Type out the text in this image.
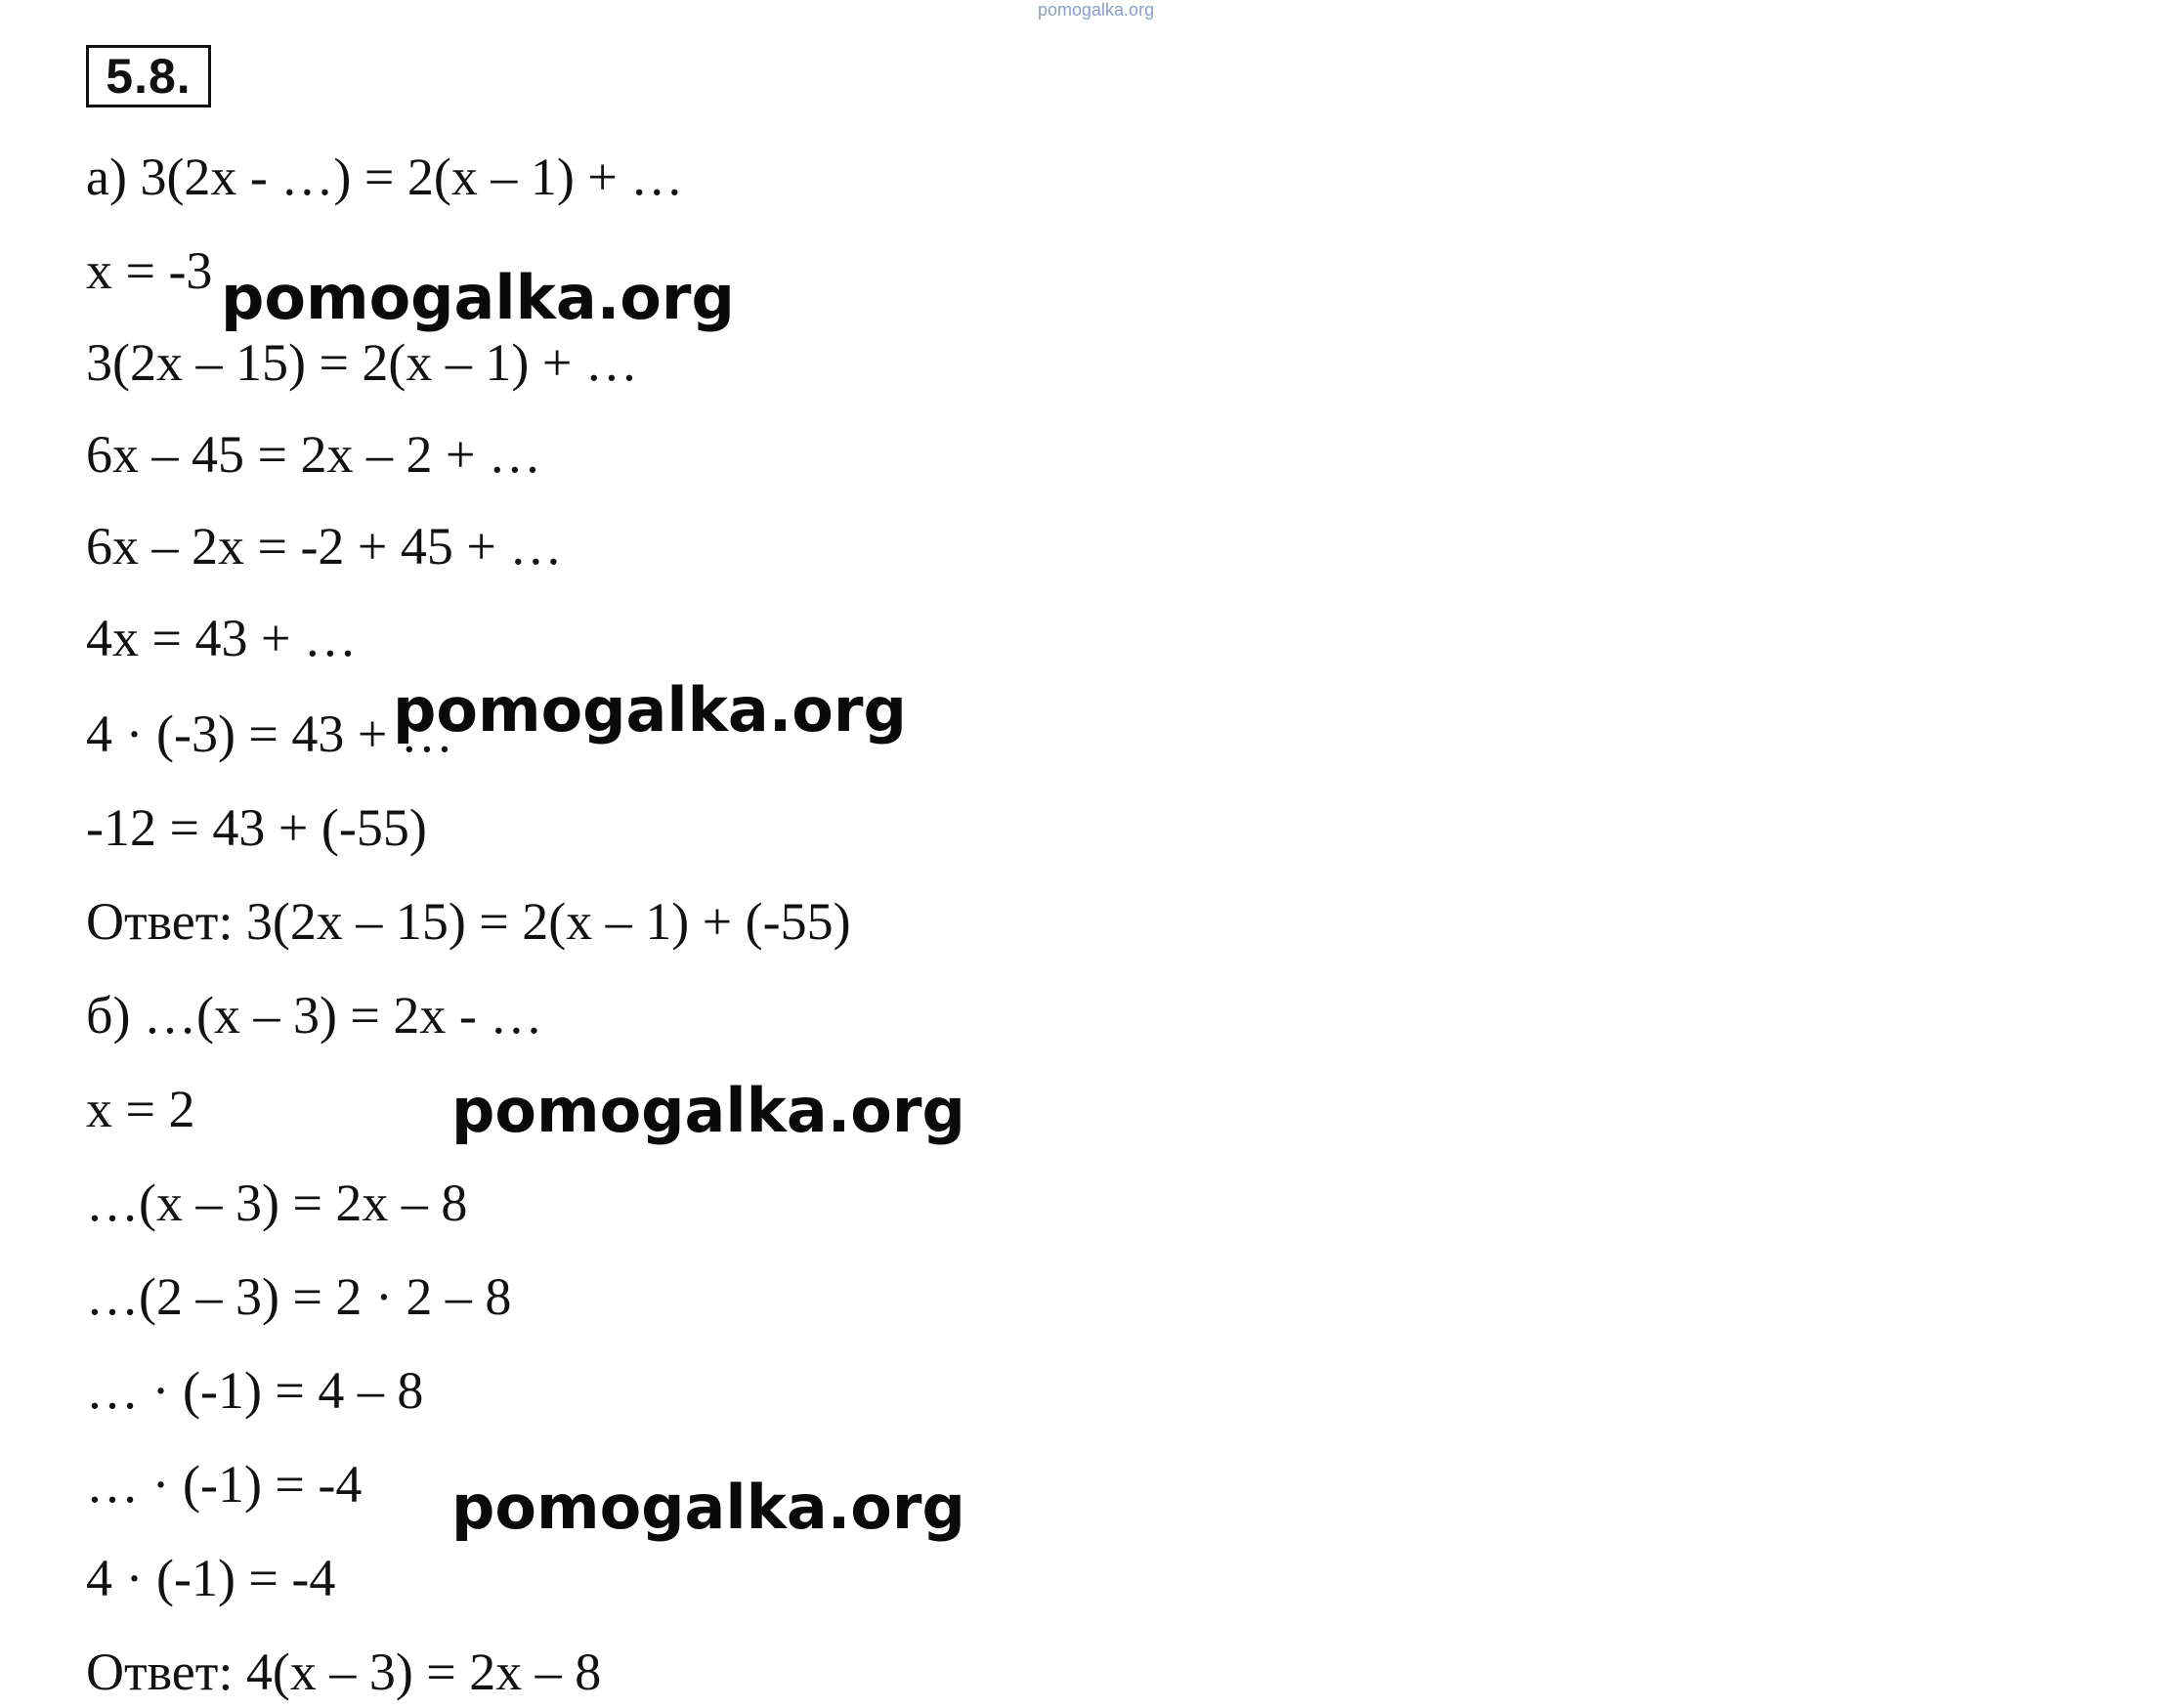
pomogalka.org
5.8.
а) 3(2х - …) = 2(х – 1) + …
х = -3
3(2х – 15) = 2(х – 1) + …
6х – 45 = 2х – 2 + …
6х – 2х = -2 + 45 + …
4х = 43 + …
4 · (-3) = 43 + …
-12 = 43 + (-55)
Ответ: 3(2х – 15) = 2(х – 1) + (-55)
б) …(х – 3) = 2х - …
х = 2
…(х – 3) = 2х – 8
…(2 – 3) = 2 · 2 – 8
… · (-1) = 4 – 8
… · (-1) = -4
4 · (-1) = -4
Ответ: 4(х – 3) = 2х – 8
pomogalka.org
pomogalka.org
pomogalka.org
pomogalka.org
